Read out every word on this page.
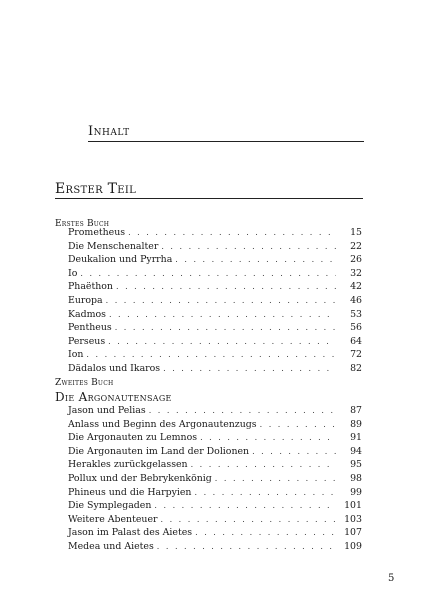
Inhalt
Erster Teil
Erstes Buch
Prometheus . . .	15
Die Menschenalter . . .	22
Deukalion und Pyrrha . . .	26
Io . . .	32
Phaëthon . . .	42
Europa . . .	46
Kadmos . . .	53
Pentheus . . .	56
Perseus . . .	64
Ion . . .	72
Dädalos und Ikaros . . .	82
Zweites Buch
Die Argonautensage
Jason und Pelias . . .	87
Anlass und Beginn des Argonautenzugs . . .	89
Die Argonauten zu Lemnos . . .	91
Die Argonauten im Land der Dolionen . . .	94
Herakles zurückgelassen . . .	95
Pollux und der Bebrykenkönig . . .	98
Phineus und die Harpyien . . .	99
Die Symplegaden . . .	101
Weitere Abenteuer . . .	103
Jason im Palast des Aietes . . .	107
Medea und Aietes . . .	109
5
